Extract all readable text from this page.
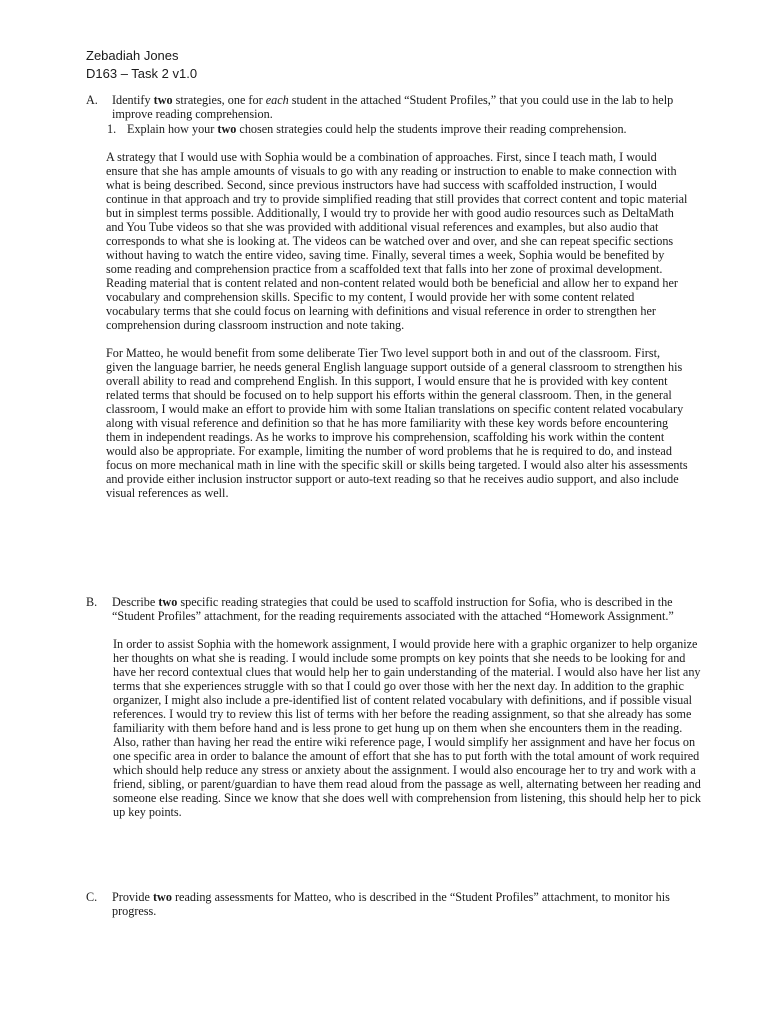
Zebadiah Jones
D163 – Task 2 v1.0
A. Identify two strategies, one for each student in the attached “Student Profiles,” that you could use in the lab to help improve reading comprehension.
1. Explain how your two chosen strategies could help the students improve their reading comprehension.
A strategy that I would use with Sophia would be a combination of approaches. First, since I teach math, I would ensure that she has ample amounts of visuals to go with any reading or instruction to enable to make connection with what is being described. Second, since previous instructors have had success with scaffolded instruction, I would continue in that approach and try to provide simplified reading that still provides that correct content and topic material but in simplest terms possible. Additionally, I would try to provide her with good audio resources such as DeltaMath and You Tube videos so that she was provided with additional visual references and examples, but also audio that corresponds to what she is looking at. The videos can be watched over and over, and she can repeat specific sections without having to watch the entire video, saving time. Finally, several times a week, Sophia would be benefited by some reading and comprehension practice from a scaffolded text that falls into her zone of proximal development. Reading material that is content related and non-content related would both be beneficial and allow her to expand her vocabulary and comprehension skills. Specific to my content, I would provide her with some content related vocabulary terms that she could focus on learning with definitions and visual reference in order to strengthen her comprehension during classroom instruction and note taking.
For Matteo, he would benefit from some deliberate Tier Two level support both in and out of the classroom. First, given the language barrier, he needs general English language support outside of a general classroom to strengthen his overall ability to read and comprehend English. In this support, I would ensure that he is provided with key content related terms that should be focused on to help support his efforts within the general classroom. Then, in the general classroom, I would make an effort to provide him with some Italian translations on specific content related vocabulary along with visual reference and definition so that he has more familiarity with these key words before encountering them in independent readings. As he works to improve his comprehension, scaffolding his work within the content would also be appropriate. For example, limiting the number of word problems that he is required to do, and instead focus on more mechanical math in line with the specific skill or skills being targeted. I would also alter his assessments and provide either inclusion instructor support or auto-text reading so that he receives audio support, and also include visual references as well.
B. Describe two specific reading strategies that could be used to scaffold instruction for Sofia, who is described in the “Student Profiles” attachment, for the reading requirements associated with the attached “Homework Assignment.”
In order to assist Sophia with the homework assignment, I would provide here with a graphic organizer to help organize her thoughts on what she is reading. I would include some prompts on key points that she needs to be looking for and have her record contextual clues that would help her to gain understanding of the material. I would also have her list any terms that she experiences struggle with so that I could go over those with her the next day. In addition to the graphic organizer, I might also include a pre-identified list of content related vocabulary with definitions, and if possible visual references. I would try to review this list of terms with her before the reading assignment, so that she already has some familiarity with them before hand and is less prone to get hung up on them when she encounters them in the reading. Also, rather than having her read the entire wiki reference page, I would simplify her assignment and have her focus on one specific area in order to balance the amount of effort that she has to put forth with the total amount of work required which should help reduce any stress or anxiety about the assignment. I would also encourage her to try and work with a friend, sibling, or parent/guardian to have them read aloud from the passage as well, alternating between her reading and someone else reading. Since we know that she does well with comprehension from listening, this should help her to pick up key points.
C. Provide two reading assessments for Matteo, who is described in the “Student Profiles” attachment, to monitor his progress.
